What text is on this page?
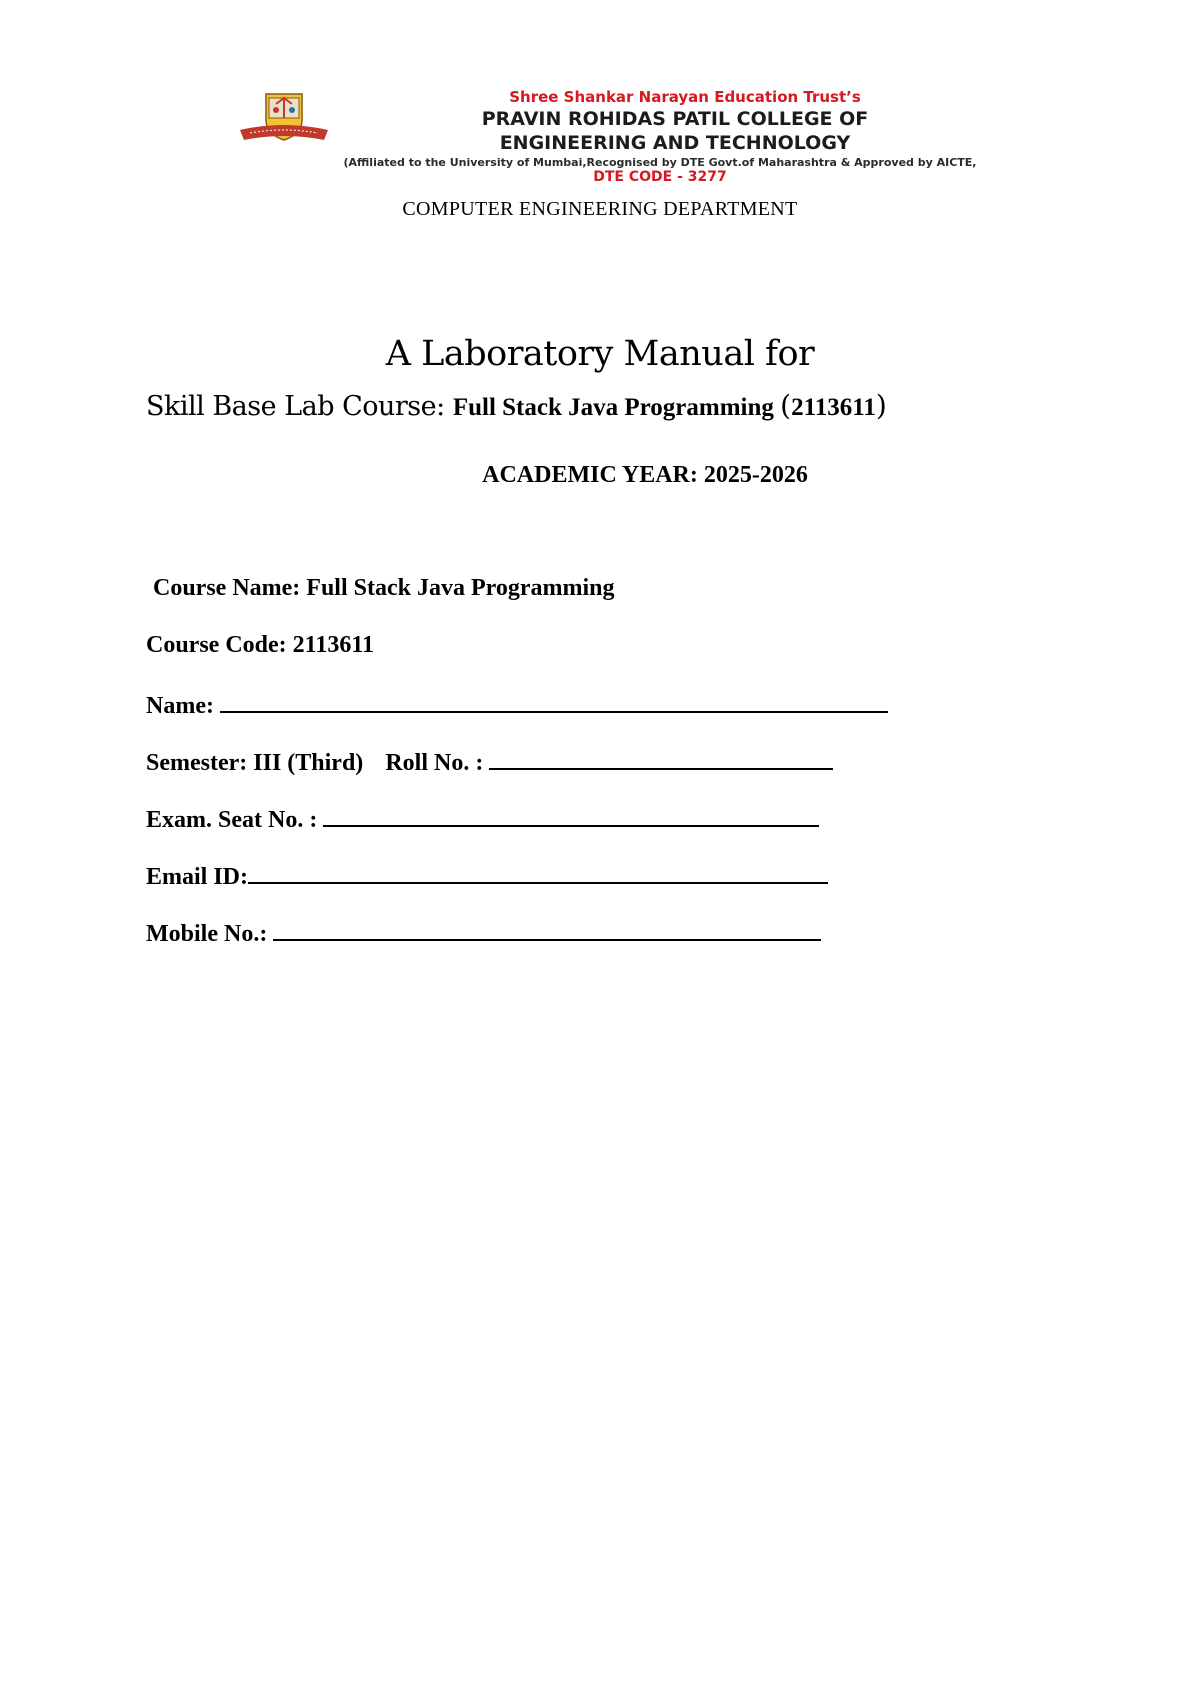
Shree Shankar Narayan Education Trust’s
PRAVIN ROHIDAS PATIL COLLEGE OF
ENGINEERING AND TECHNOLOGY
(Affiliated to the University of Mumbai,Recognised by DTE Govt.of Maharashtra & Approved by AICTE,
DTE CODE - 3277
COMPUTER ENGINEERING DEPARTMENT
A Laboratory Manual for
Skill Base Lab Course: Full Stack Java Programming (2113611)
ACADEMIC YEAR: 2025-2026
Course Name: Full Stack Java Programming
Course Code: 2113611
Name:
Semester: III (Third) Roll No. :
Exam. Seat No. :
Email ID:
Mobile No.:
